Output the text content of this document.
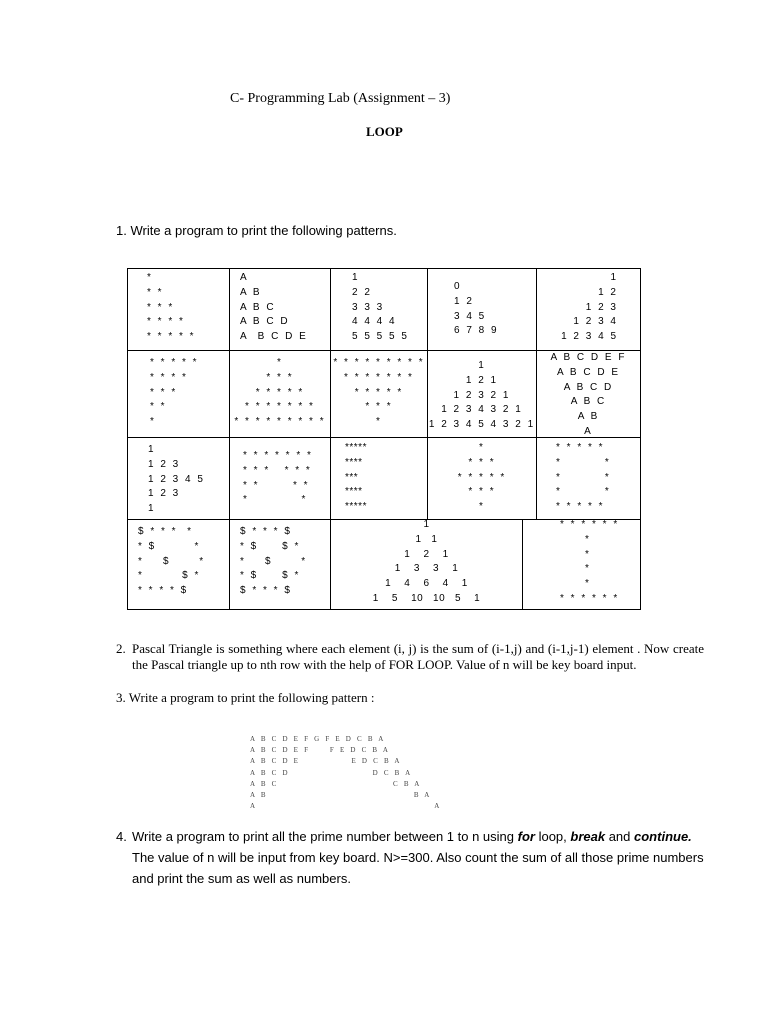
C- Programming Lab (Assignment – 3)
LOOP
1. Write a program to print the following patterns.
*
* *
* * *
* * * *
* * * * *
A
A B
A B C
A B C D
A  B C D E
1
2 2
3 3 3
4 4 4 4
5 5 5 5 5
0
1 2
3 4 5
6 7 8 9
1
1 2
1 2 3
1 2 3 4
1 2 3 4 5
* * * * *
* * * *
* * *
* *
*
*
* * *
* * * * *
* * * * * * *
* * * * * * * * *
* * * * * * * * *
* * * * * * *
* * * * *
* * *
*
1
1 2 1
1 2 3 2 1
1 2 3 4 3 2 1
1 2 3 4 5 4 3 2 1
A B C D E F
A B C D E
A B C D
A B C
A B
A
1
1 2 3
1 2 3 4 5
1 2 3
1
* * * * * * *
* * *   * * *
* *       * *
*           *
*****
****
***
****
*****
*
* * *
* * * * *
* * *
*
* * * * *
*         *
*         *
*         *
* * * * *
$ * * *  *
* $        *
*    $      *
*        $ *
* * * * $
$ * * * $
* $     $ *
*    $      *
* $     $ *
$ * * * $
1
1   1
1    2    1
1    3    3    1
1    4    6    4    1
1    5    10   10   5    1
* * * * * *
*
*
*
*
* * * * * *
2. Pascal Triangle is something where each element (i, j) is the sum of (i-1,j) and (i-1,j-1) element . Now create the Pascal triangle up to nth row with the help of FOR LOOP. Value of n will be key board input.
3. Write a program to print the following pattern :
A B C D E F G F E D C B A
A B C D E F     F E D C B A
A B C D E             E D C B A
A B C D                     D C B A
A B C                             C B A
A B                                     B A
A                                             A
4. Write a program to print all the prime number between 1 to n using for loop, break and continue. The value of n will be input from key board. N>=300. Also count the sum of all those prime numbers and print the sum as well as numbers.
